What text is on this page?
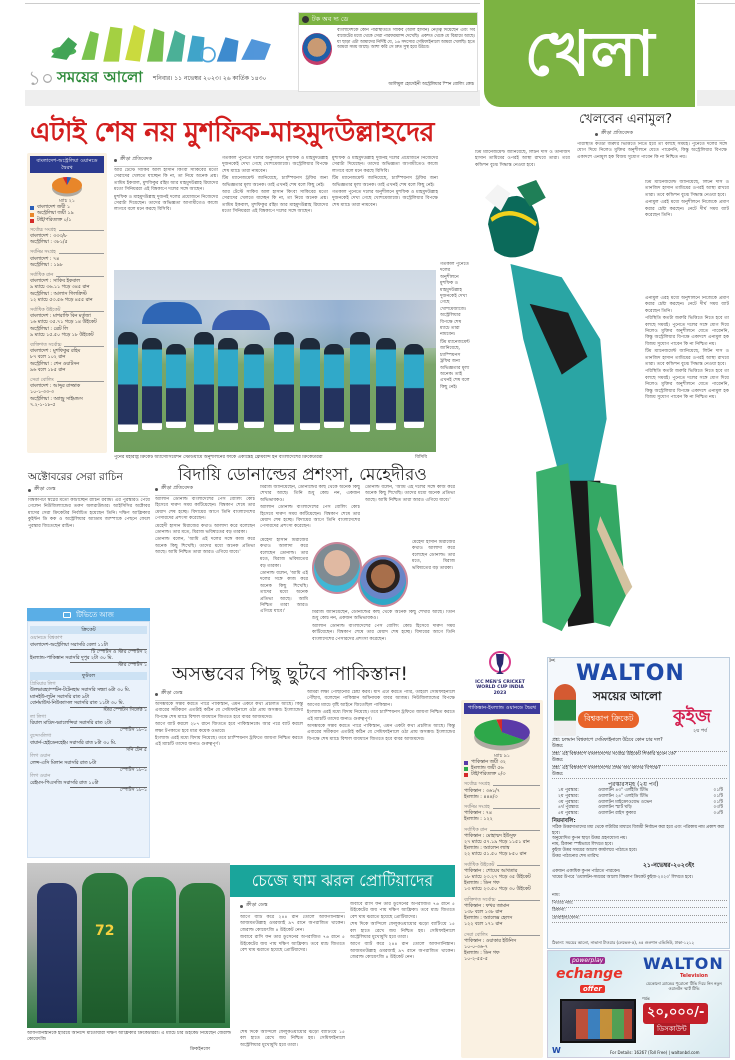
১০ সময়ের আলো শনিবার। ১১ নভেম্বর ২০২৩। ২৬ কার্তিক ১৪৩০
টক অব দ্য ডে
বাংলাদেশকে কোন পরিস্থিতিতে সাকিব (আল হাসান) নেতৃত্ব দিয়েছেন এবং সব বাজেটের মধ্যে থেকে সেরা পারফরম্যান্স দেখেছি। একশত থেকে যে বিশ্রামে আছে। যা ছাড়া এটা আমাদের নির্দিষ্ট যে, ১৬ সদস্যের সেমিফাইনালে আমরা খেলছি। হতে আমরা সময় আছে। আশা করি সে দ্রুত সুস্থ হয়ে উঠবে।
আলিমুল হোসেইনী অস্ট্রেলিয়ার স্পিন বোলিং কোচ খেলা
এটাই শেষ নয় মুশফিক-মাহমুদউল্লাহদের
বাংলাদেশ-অস্ট্রেলিয়া ওয়ানডে দ্বৈরথ
ম্যাচ ২১
বাংলাদেশ জয়ী ১
অস্ট্রেলিয়া জয়ী ১৯
টাই/পরিত্যক্ত ০/১
সর্বোচ্চ সংগ্রহ
বাংলাদেশ : ৩৩৩/৮
অস্ট্রেলিয়া : ৩৮১/৫
সর্বনিম্ন সংগ্রহ
বাংলাদেশ : ৭৪
অস্ট্রেলিয়া : ১৯৮
সর্বাধিক রান
বাংলাদেশ : সাকিব ইকবাল
৯ ম্যাচে ৩৬.১১ গড়ে ৩৪৫ রান
অস্ট্রেলিয়া : আলাস গিলক্রিস্ট
১২ ম্যাচে ৫৩.৫৬ গড়ে ৪৫৫ রান
সর্বাধিক উইকেট
বাংলাদেশ : মাশরাফি বিন মর্তুজা
১৬ ম্যাচে ৩৫.৭১ গড়ে ১৪ উইকেট
অস্ট্রেলিয়া : ব্রেট লি
৯ ম্যাচে ১৫.৫০ গড়ে ১৮ উইকেট
ব্যক্তিগত সর্বোচ্চ
বাংলাদেশ : মুশফিকুর রহিম
৮৭ বলে ১০২ রান
অস্ট্রেলিয়া : শেন ওয়াটসন
৯৬ বলে ১৮৫ রান
সেরা বোলিং
বাংলাদেশ : আব্দুর রাজ্জাক
১০-১-৩৩-৩
অস্ট্রেলিয়া : অ্যান্ড্রু সাইমন্ডস
৭.২-১-১৮-৫
ক্রীড়া প্রতিবেদক

আর টেস্টে সাকিব আল হাসান কিংবা সাকিবের মতো সেরাদের খেলতে যাচ্ছেন কি না, তা নিয়ে অনেক প্রশ্ন। তামিম ইকবাল, মুশফিকুর রহিম আর মাহমুদউল্লাহ রিয়াদের মতো সিনিয়ররা এই বিশ্বকাপে দলের সঙ্গে আছেন।

মুশফিক ও মাহমুদউল্লাহ দুজনই দলের প্রয়োজনে নিজেদের সেরাটা দিয়েছেন। তাদের অভিজ্ঞতা আগামীতেও কাজে লাগবে বলে মনে করছে বিসিবি।

গতকাল পুনেতে দলের অনুশীলনে মুশফিক ও মাহমুদউল্লাহ দুজনকেই দেখা গেছে খোশমেজাজে। অস্ট্রেলিয়ার বিপক্ষে শেষ ম্যাচে তারা নামবেন।

টিম ম্যানেজমেন্ট জানিয়েছে, চ্যাম্পিয়নস ট্রফির জন্য অভিজ্ঞতার মূল্য অনেক। তাই এখনই শেষ বলে কিছু নেই।

আর টেস্টে সাকিব আল হাসান কিংবা সাকিবের মতো সেরাদের খেলতে যাচ্ছেন কি না, তা নিয়ে অনেক প্রশ্ন। তামিম ইকবাল, মুশফিকুর রহিম আর মাহমুদউল্লাহ রিয়াদের মতো সিনিয়ররা এই বিশ্বকাপে দলের সঙ্গে আছেন।

মুশফিক ও মাহমুদউল্লাহ দুজনই দলের প্রয়োজনে নিজেদের সেরাটা দিয়েছেন। তাদের অভিজ্ঞতা আগামীতেও কাজে লাগবে বলে মনে করছে বিসিবি।

টিম ম্যানেজমেন্ট জানিয়েছে, চ্যাম্পিয়নস ট্রফির জন্য অভিজ্ঞতার মূল্য অনেক। তাই এখনই শেষ বলে কিছু নেই।

গতকাল পুনেতে দলের অনুশীলনে মুশফিক ও মাহমুদউল্লাহ দুজনকেই দেখা গেছে খোশমেজাজে। অস্ট্রেলিয়ার বিপক্ষে শেষ ম্যাচে তারা নামবেন।

পুনের মহারাষ্ট্র ক্রিকেট অ্যাসোসিয়েশন স্টেডিয়ামে অনুশীলনের ফাঁকে একান্তেই ফ্রেমবন্দি হন বাংলাদেশের ক্রিকেটাররা	বিসিবি

গতকাল পুনেতে দলের অনুশীলনে মুশফিক ও মাহমুদউল্লাহ দুজনকেই দেখা গেছে খোশমেজাজে। অস্ট্রেলিয়ার বিপক্ষে শেষ ম্যাচে তারা নামবেন।

টিম ম্যানেজমেন্ট জানিয়েছে, চ্যাম্পিয়নস ট্রফির জন্য অভিজ্ঞতার মূল্য অনেক। তাই এখনই শেষ বলে কিছু নেই।

খেলবেন এনামুল?
ক্রীড়া প্রতিবেদক

পরিস্থিতি কতটা জরুরি ভিত্তিতে নিতে হবে তা বলছে সময়ই। পুনেতে দলের সঙ্গে যোগ দিয়ে নিলেও মুক্তির অনুশীলনে যেতে পারেননি, কিন্তু অস্ট্রেলিয়ার বিপক্ষে একাদশে এনামুল হক বিজয় সুযোগ পাবেন কি না নিশ্চিত নয়।

টিম ম্যানেজমেন্ট জানিয়েছে, লিটন দাস ও তানজিদ হাসান তামিমের ওপরই আস্থা রাখবে তারা। তবে কন্ডিশন বুঝে সিদ্ধান্ত নেওয়া হবে।

এনামুল এরই মধ্যে অনুশীলনে নিজেকে প্রমাণ করার চেষ্টা করছেন। নেটে দীর্ঘ সময় ব্যাট করেছেন তিনি।

টিম ম্যানেজমেন্ট জানিয়েছে, লিটন দাস ও তানজিদ হাসান তামিমের ওপরই আস্থা রাখবে তারা। তবে কন্ডিশন বুঝে সিদ্ধান্ত নেওয়া হবে।

এনামুল এরই মধ্যে অনুশীলনে নিজেকে প্রমাণ করার চেষ্টা করছেন। নেটে দীর্ঘ সময় ব্যাট করেছেন তিনি।

পরিস্থিতি কতটা জরুরি ভিত্তিতে নিতে হবে তা বলছে সময়ই। পুনেতে দলের সঙ্গে যোগ দিয়ে নিলেও মুক্তির অনুশীলনে যেতে পারেননি, কিন্তু অস্ট্রেলিয়ার বিপক্ষে একাদশে এনামুল হক বিজয় সুযোগ পাবেন কি না নিশ্চিত নয়।

টিম ম্যানেজমেন্ট জানিয়েছে, লিটন দাস ও তানজিদ হাসান তামিমের ওপরই আস্থা রাখবে তারা। তবে কন্ডিশন বুঝে সিদ্ধান্ত নেওয়া হবে।

পরিস্থিতি কতটা জরুরি ভিত্তিতে নিতে হবে তা বলছে সময়ই। পুনেতে দলের সঙ্গে যোগ দিয়ে নিলেও মুক্তির অনুশীলনে যেতে পারেননি, কিন্তু অস্ট্রেলিয়ার বিপক্ষে একাদশে এনামুল হক বিজয় সুযোগ পাবেন কি না নিশ্চিত নয়।

অক্টোবরের সেরা রাচিন
ক্রীড়া ডেস্ক
বিশ্বকাপটা স্বপ্নের মতো কাটাচ্ছেন রাচিন রবীন্দ্র। এর পুরস্কারও পেয়ে গেলেন নিউজিল্যান্ডের তরুণ অলরাউন্ডার। আইসিসির অক্টোবর মাসের সেরা ক্রিকেটার নির্বাচিত হয়েছেন তিনি। দক্ষিণ আফ্রিকার কুইন্টন ডি কক ও অস্ট্রেলিয়ার অ্যাডাম জাম্পাকে পেছনে ফেলে পুরস্কার জিতেছেন রাচিন।
টিভিতে আজ
ক্রিকেট
ওয়ানডে বিশ্বকাপ
বাংলাদেশ-অস্ট্রেলিয়া সরাসরি বেলা ১১টা
টি স্পোর্টস ও স্টার স্পোর্টস ২
ইংল্যান্ড-পাকিস্তান সরাসরি দুপুর ২টা ৩০ মি.
স্টার স্পোর্টস ১
ফুটবল
প্রিমিয়ার লিগ
উলভারহ্যাম্পটন-টটেনহাম সরাসরি সন্ধ্যা ৬টা ৩০ মি.
ম্যানইউ-লুটন সরাসরি রাত ৯টা
বোর্নমাউথ-নিউক্যাসল সরাসরি রাত ১১টা ৩০ মি.
স্টার স্পোর্টস সিলেক্ট ১
লা লিগা
রিয়াল মাদ্রিদ-ভ্যালেন্সিয়া সরাসরি রাত ২টা
স্পোর্টস ১৮-১
বুন্দেসলিগা
বায়ার্ন-হেইডেনহেইম সরাসরি রাত ৮টা ৩০ মি.
সনি টেন ৫
লিগ ওয়ান
লেন্স-এসি মিলান সরাসরি রাত ৮টা
স্পোর্টস ১৮-১
লিগ ওয়ান
রেইমস-পিএসজি সরাসরি রাত ১০টা
স্পোর্টস ১৮-১
বিদায়ি ডোনাল্ডের প্রশংসা, মেহেদীরও
ক্রীড়া প্রতিবেদক

অ্যালান ডোনাল্ড বাংলাদেশের পেস বোলিং কোচ হিসেবে দারুণ সময় কাটিয়েছেন। বিশ্বকাপ শেষে তার মেয়াদ শেষ হচ্ছে। বিদায়ের আগে তিনি বাংলাদেশের পেসারদের প্রশংসা করেছেন।

মেহেদী হাসান মিরাজের কথাও আলাদা করে বলেছেন ডোনাল্ড। তার মতে, মিরাজ ভবিষ্যতের বড় তারকা।

ডোনাল্ড বলেন, 'আমি এই দলের সঙ্গে কাজ করে অনেক কিছু শিখেছি। তাদের মধ্যে অনেক প্রতিভা আছে। আমি নিশ্চিত তারা আরও এগিয়ে যাবে।'

মিরাজ জানিয়েছেন, ডোনাল্ডের কাছ থেকে অনেক কিছু শেখার আছে। তিনি শুধু কোচ নন, একজন অভিভাবকও।

অ্যালান ডোনাল্ড বাংলাদেশের পেস বোলিং কোচ হিসেবে দারুণ সময় কাটিয়েছেন। বিশ্বকাপ শেষে তার মেয়াদ শেষ হচ্ছে। বিদায়ের আগে তিনি বাংলাদেশের পেসারদের প্রশংসা করেছেন।

মেহেদী হাসান মিরাজের কথাও আলাদা করে বলেছেন ডোনাল্ড। তার মতে, মিরাজ ভবিষ্যতের বড় তারকা।

ডোনাল্ড বলেন, 'আমি এই দলের সঙ্গে কাজ করে অনেক কিছু শিখেছি। তাদের মধ্যে অনেক প্রতিভা আছে। আমি নিশ্চিত তারা আরও এগিয়ে যাবে।'

ডোনাল্ড বলেন, 'আমি এই দলের সঙ্গে কাজ করে অনেক কিছু শিখেছি। তাদের মধ্যে অনেক প্রতিভা আছে। আমি নিশ্চিত তারা আরও এগিয়ে যাবে।'

মিরাজ জানিয়েছেন, ডোনাল্ডের কাছ থেকে অনেক কিছু শেখার আছে। তিনি শুধু কোচ নন, একজন অভিভাবকও।

অ্যালান ডোনাল্ড বাংলাদেশের পেস বোলিং কোচ হিসেবে দারুণ সময় কাটিয়েছেন। বিশ্বকাপ শেষে তার মেয়াদ শেষ হচ্ছে। বিদায়ের আগে তিনি বাংলাদেশের পেসারদের প্রশংসা করেছেন।

মেহেদী হাসান মিরাজের কথাও আলাদা করে বলেছেন ডোনাল্ড। তার মতে, মিরাজ ভবিষ্যতের বড় তারকা।

অসম্ভবের পিছু ছুটবে পাকিস্তান!
ক্রীড়া ডেস্ক

অসম্ভবকে সম্ভব করতে পারে পাকিস্তান, এমন একটা কথা প্রচলিত আছে। কিন্তু এবারের সমীকরণ এতটাই কঠিন যে সেমিফাইনালে ওঠা প্রায় অসম্ভব। ইংল্যান্ডের বিপক্ষে শেষ ম্যাচে বিশাল ব্যবধানে জিততে হবে বাবর আজমদের।

আগে ব্যাট করলে ২৮৭ রানে জিততে হবে পাকিস্তানকে। আর পরে ব্যাট করলে লক্ষ্য টপকাতে হবে মাত্র কয়েক ওভারে।

ইংল্যান্ড এরই মধ্যে বিদায় নিয়েছে। তবে চ্যাম্পিয়নস ট্রফিতে জায়গা নিশ্চিত করতে এই ম্যাচটি তাদের জন্যও গুরুত্বপূর্ণ।

আমরা লক্ষ্য পৌঁছানোর চেষ্টা করব। যদি এটা করতে পারি, তাহলে সেমিফাইনালে পৌঁছাব, বলেছেন পাকিস্তান অধিনায়ক বাবর আজম। নিউজিল্যান্ডের বিপক্ষে আগের ম্যাচে বৃষ্টি আইনে জিতেছিল পাকিস্তান।

ইংল্যান্ড এরই মধ্যে বিদায় নিয়েছে। তবে চ্যাম্পিয়নস ট্রফিতে জায়গা নিশ্চিত করতে এই ম্যাচটি তাদের জন্যও গুরুত্বপূর্ণ।

অসম্ভবকে সম্ভব করতে পারে পাকিস্তান, এমন একটা কথা প্রচলিত আছে। কিন্তু এবারের সমীকরণ এতটাই কঠিন যে সেমিফাইনালে ওঠা প্রায় অসম্ভব। ইংল্যান্ডের বিপক্ষে শেষ ম্যাচে বিশাল ব্যবধানে জিততে হবে বাবর আজমদের।

ICC MEN'S CRICKET WORLD CUP INDIA 2023
পাকিস্তান-ইংল্যান্ড ওয়ানডে দ্বৈরথ
ম্যাচ ৯১
পাকিস্তান জয়ী ৩২
ইংল্যান্ড জয়ী ৫৬
টাই/পরিত্যক্ত ০/৩
সর্বোচ্চ সংগ্রহ
পাকিস্তান : ৩৬১/৭
ইংল্যান্ড : ৪৪৪/৩
সর্বনিম্ন সংগ্রহ
পাকিস্তান : ৭৪
ইংল্যান্ড : ১২২
সর্বাধিক রান
পাকিস্তান : মোহাম্মদ ইউসুফ
২৭ ম্যাচে ৫৭.১৯ গড়ে ১১৫১ রান
ইংল্যান্ড : অ্যালেন ল্যাম্ব
২২ ম্যাচে ৫১.৫০ গড়ে ৮৫০ রান
সর্বাধিক উইকেট
পাকিস্তান : শোয়েব আখতার
১৮ ম্যাচে ২৩.২৭ গড়ে ৩৫ উইকেট
ইংল্যান্ড : ডিন গফ
১৩ ম্যাচে ২৩.৫০ গড়ে ৩০ উইকেট
ব্যক্তিগত সর্বোচ্চ
পাকিস্তান : ফখর জামান
১৩৮ বলে ১৩৮ রান
ইংল্যান্ড : অ্যালেক্স হেলস
১২২ বলে ১৭১ রান
সেরা বোলিং
পাকিস্তান : ওয়াকার ইউনিস
১০-০-৩৬-৭
ইংল্যান্ড : ডিন গফ
১০-২-৫৫-৫
✂
WALTON
সময়ের আলো
বিশ্বকাপ ক্রিকেট	কুইজ
২য় পর্ব
প্রশ্ন: চলমান বিশ্বকাপে সেমিফাইনালে উঠবে কোন চার দল?
উত্তর:
প্রশ্ন: এই বিশ্বকাপে বাংলাদেশের সর্বোচ্চ উইকেট শিকারি হবেন কে?
উত্তর:
প্রশ্ন: এই বিশ্বকাপে বাংলাদেশের প্রথম জয় কাদের বিপক্ষে?
উত্তর:
পুরস্কারসমূহ (২য় পর্ব)
১ম পুরস্কার:	ওয়ালটন ৪৩" এলইডি টিভি	০১টি
২য় পুরস্কার:	ওয়ালটন ২৪" এলইডি টিভি	০১টি
৩য় পুরস্কার:	ওয়ালটন মাইক্রোওয়েভ ওভেন	০১টি
৪র্থ পুরস্কার:	ওয়ালটন স্মার্ট ঘড়ি	০৩টি
৫ম পুরস্কার:	ওয়ালটন রাইস কুকার	০৫টি
নিয়মাবলি:
সঠিক উত্তরদাতাদের মধ্য থেকে লটারির মাধ্যমে বিজয়ী নির্বাচন করা হবে এবং পত্রিকায় নাম প্রকাশ করা হবে।
অনুমোদিত কুপন ছাড়া উত্তর গ্রহণযোগ্য নয়।
নাম, ঠিকানা স্পষ্টভাবে লিখতে হবে।
কুইজ উত্তর সময়ের আলো কার্যালয়ে পাঠাতে হবে।
উত্তর পাঠানোর শেষ তারিখ:
২১-নভেম্বর-২০২৩ইং
একজন একাধিক কুপন পাঠাতে পারবেন।
খামের উপরে 'ওয়ালটন-সময়ের আলো বিশ্বকাপ ক্রিকেট কুইজ-২০২৩' লিখতে হবে।
নাম:
পিতার নাম:
ঠিকানা:
মোবাইল/ফোন:
ঠিকানা: সময়ের আলো, নাভানা টাওয়ার (লেভেল-৫), ৪৫ গুলশান এভিনিউ, ঢাকা-১২১২
powerplay
echange
offer
WALTON
Television
যেকোনো ব্র্যান্ডের পুরোনো টিভি দিয়ে নিন নতুন ওয়ালটন স্মার্ট টিভি
পর্যন্ত
২০,০০০/-
ডিসকাউন্ট
W	For Details: 16267 (Toll Free) | waltonbd.com
72
চেজে ঘাম ঝরল প্রোটিয়াদের
ক্রীড়া ডেস্ক

আগে ব্যাট করে ২৪৪ রান তোলে আফগানিস্তান। আজমতউল্লাহ ওমরজাই ৯৭ রানে অপরাজিত থাকেন। জেরাল্ড কোয়েৎজি ৪ উইকেট নেন।

জবাবে রাসি ফন ডার ডুসেনের অপরাজিত ৭৬ রানে ৫ উইকেটের জয় পায় দক্ষিণ আফ্রিকা। তবে ম্যাচ জিততে বেশ ঘাম ঝরাতে হয়েছে প্রোটিয়াদের।

জবাবে রাসি ফন ডার ডুসেনের অপরাজিত ৭৬ রানে ৫ উইকেটের জয় পায় দক্ষিণ আফ্রিকা। তবে ম্যাচ জিততে বেশ ঘাম ঝরাতে হয়েছে প্রোটিয়াদের।

শেষ দিকে আন্দিলে ফেলুকওয়ায়োর ঝড়ো ব্যাটিংয়ে ১৫ বল হাতে রেখে জয় নিশ্চিত হয়। সেমিফাইনালে অস্ট্রেলিয়ার মুখোমুখি হবে তারা।

আগে ব্যাট করে ২৪৪ রান তোলে আফগানিস্তান। আজমতউল্লাহ ওমরজাই ৯৭ রানে অপরাজিত থাকেন। জেরাল্ড কোয়েৎজি ৪ উইকেট নেন।

শেষ দিকে আন্দিলে ফেলুকওয়ায়োর ঝড়ো ব্যাটিংয়ে ১৫ বল হাতে রেখে জয় নিশ্চিত হয়। সেমিফাইনালে অস্ট্রেলিয়ার মুখোমুখি হবে তারা।

আফগানিস্তানকে হারিয়ে আনন্দে মাতোয়ারা দক্ষিণ আফ্রিকার ক্রিকেটাররা। এ ম্যাচে চার উইকেট নিয়েছেন জেরাল্ড কোয়েৎজি
ক্রিকইনফো
